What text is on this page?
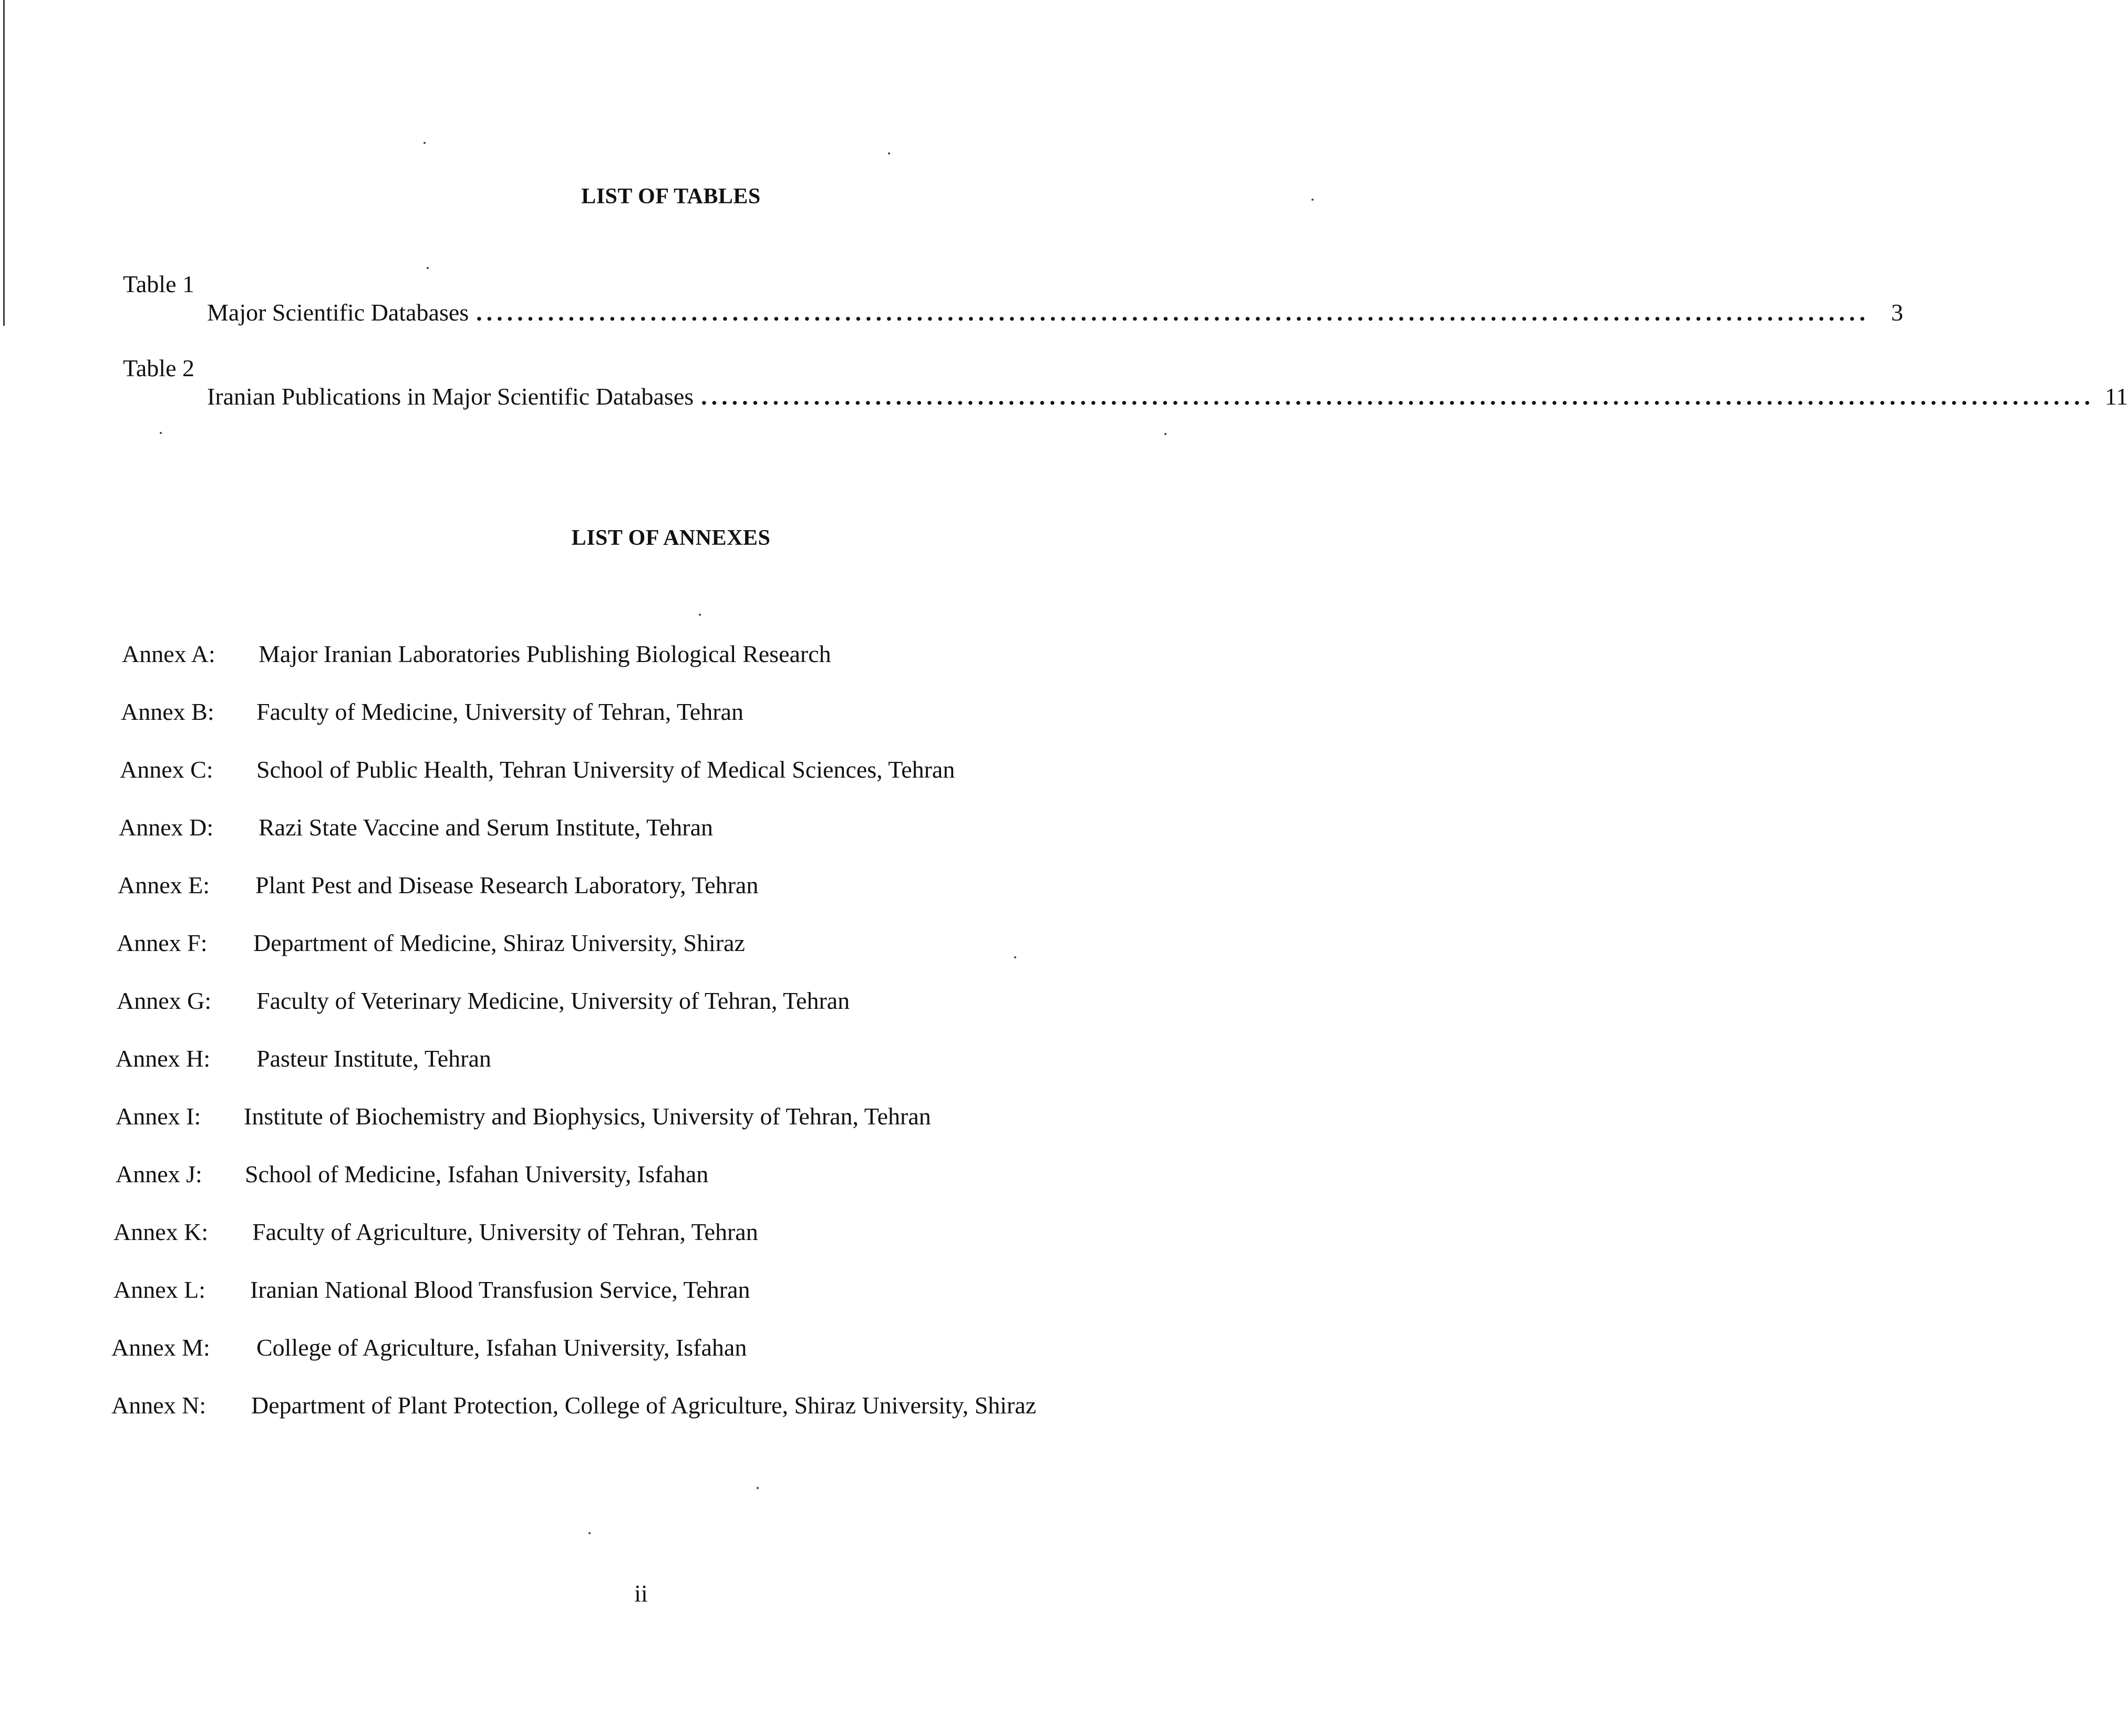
LIST OF TABLES
Table 1
Major Scientific Databases ........................................................................................................................................ 3
Table 2
Iranian Publications in Major Scientific Databases ........................................................................................................................................ 11
LIST OF ANNEXES
Annex A: Major Iranian Laboratories Publishing Biological Research
Annex B: Faculty of Medicine, University of Tehran, Tehran
Annex C: School of Public Health, Tehran University of Medical Sciences, Tehran
Annex D: Razi State Vaccine and Serum Institute, Tehran
Annex E: Plant Pest and Disease Research Laboratory, Tehran
Annex F: Department of Medicine, Shiraz University, Shiraz
Annex G: Faculty of Veterinary Medicine, University of Tehran, Tehran
Annex H: Pasteur Institute, Tehran
Annex I: Institute of Biochemistry and Biophysics, University of Tehran, Tehran
Annex J: School of Medicine, Isfahan University, Isfahan
Annex K: Faculty of Agriculture, University of Tehran, Tehran
Annex L: Iranian National Blood Transfusion Service, Tehran
Annex M: College of Agriculture, Isfahan University, Isfahan
Annex N: Department of Plant Protection, College of Agriculture, Shiraz University, Shiraz
ii
